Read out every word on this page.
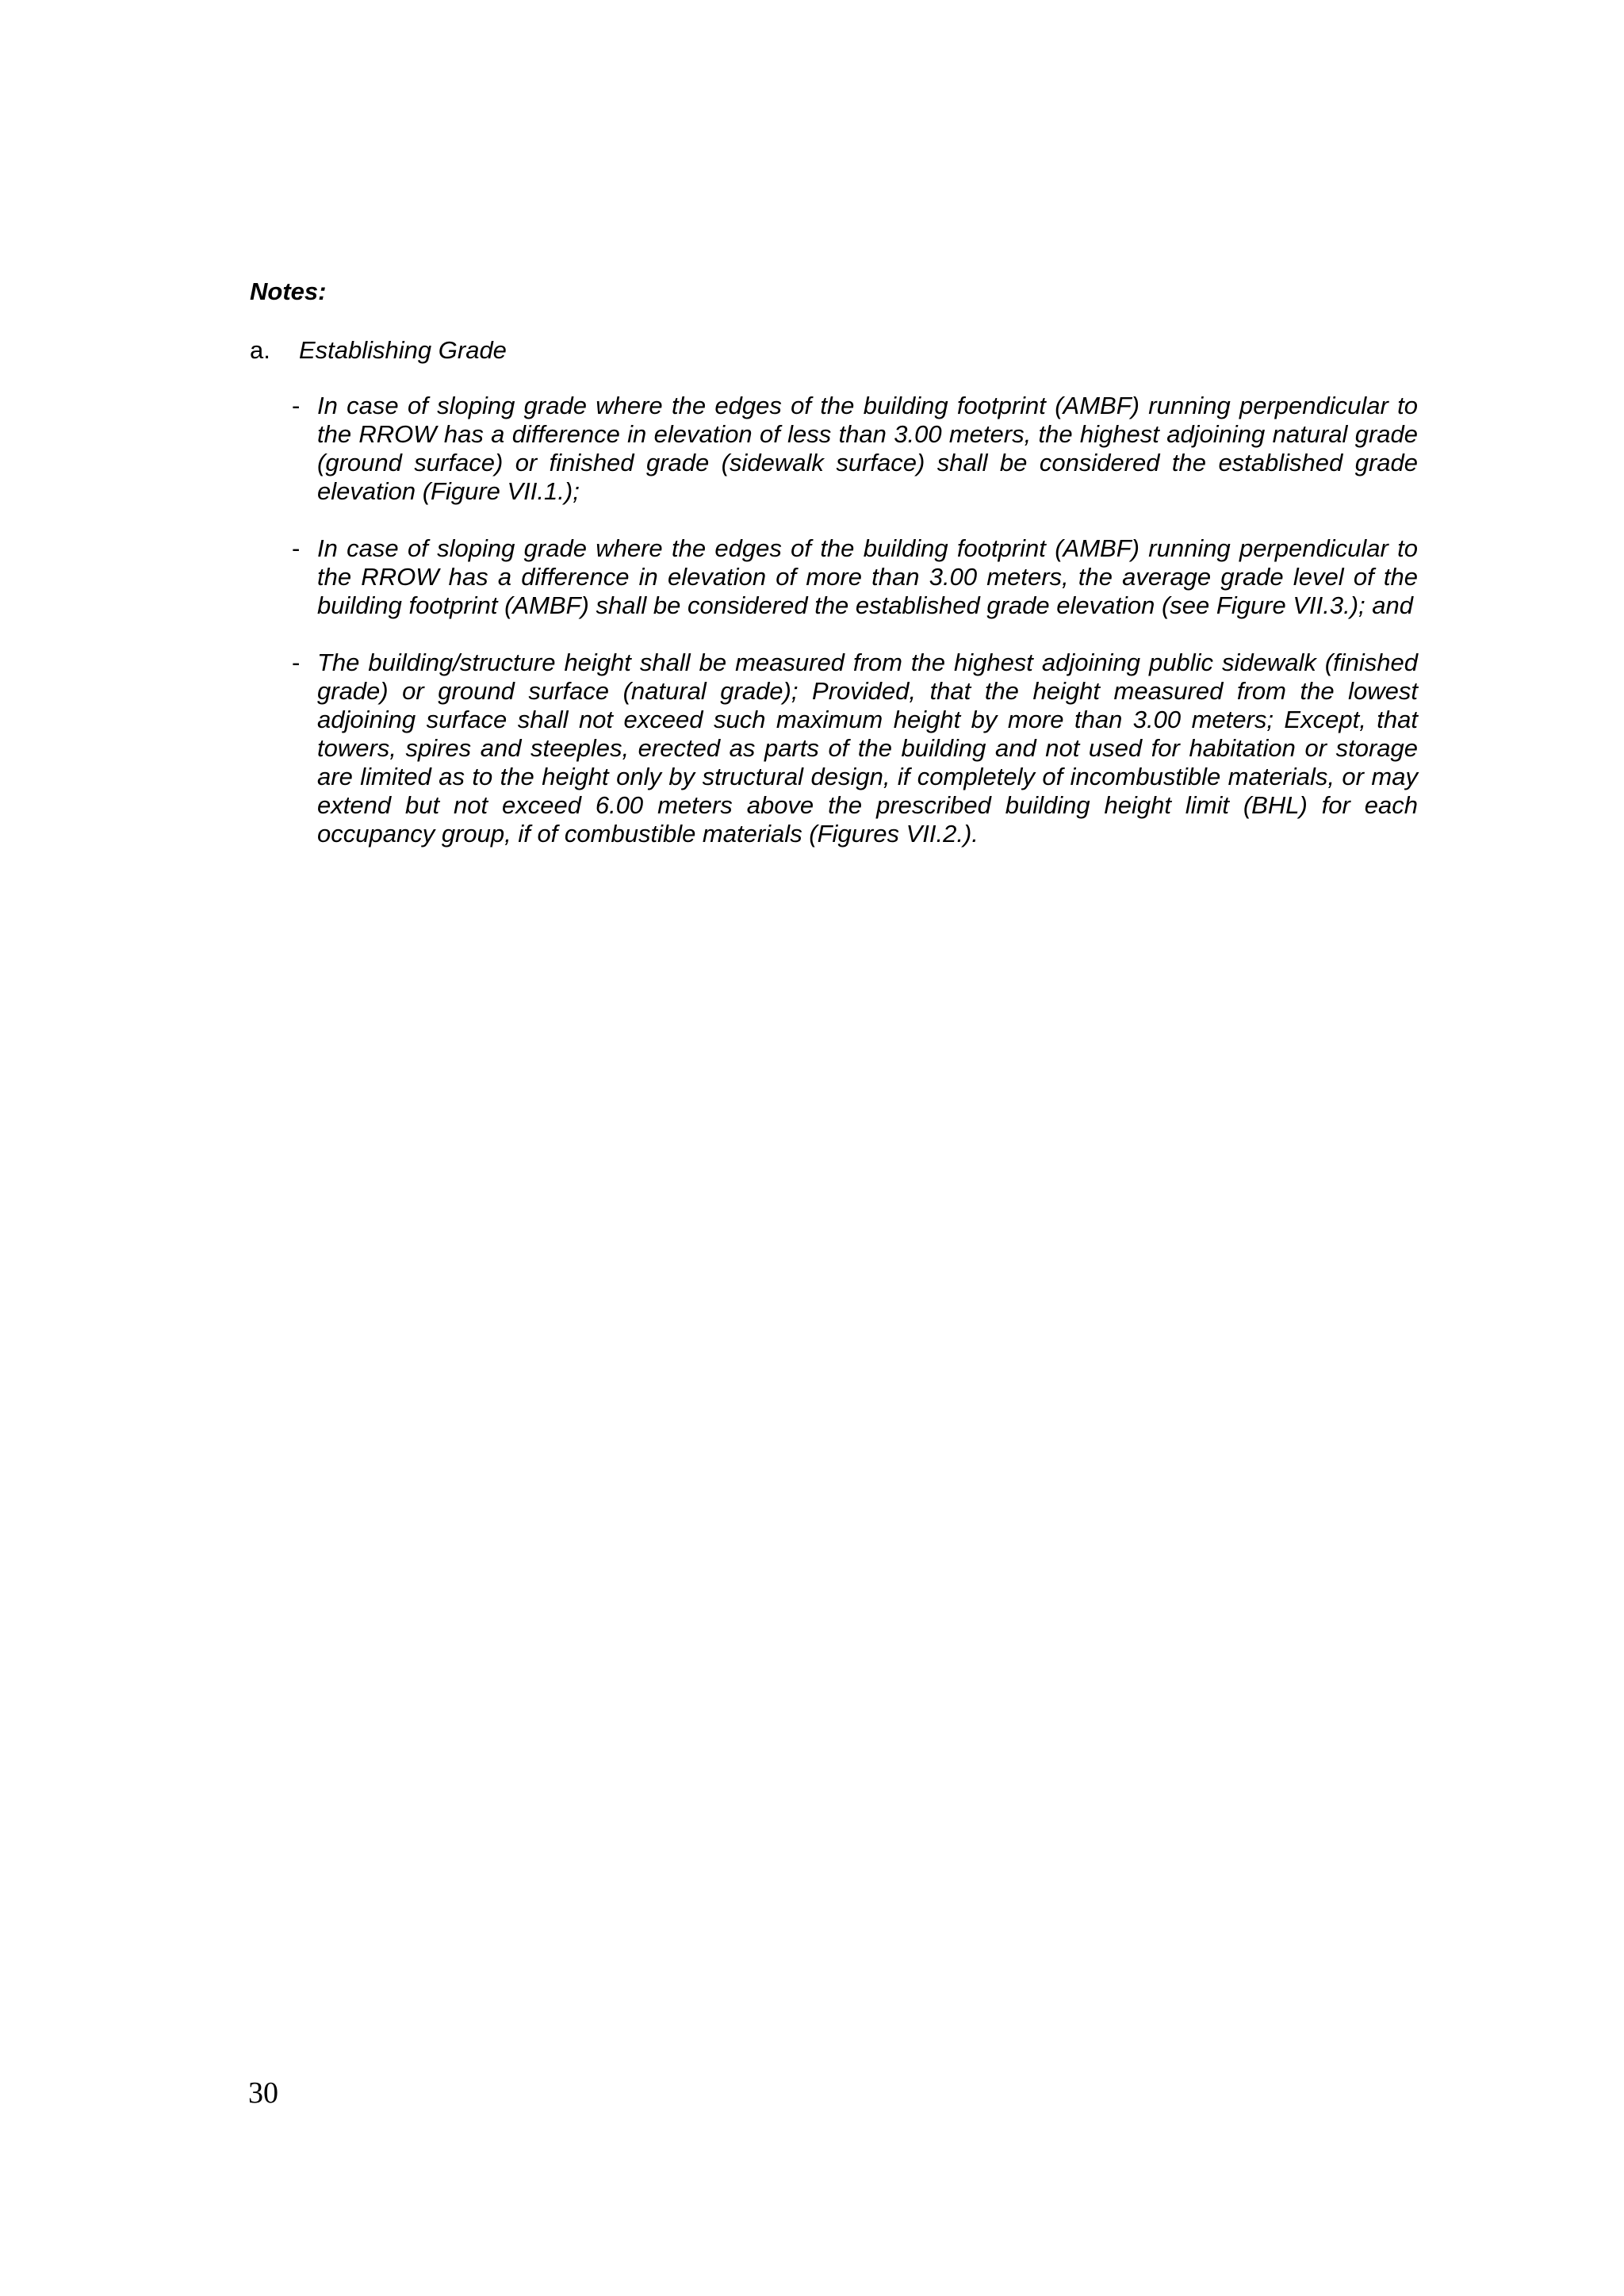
Notes:

a. Establishing Grade

- In case of sloping grade where the edges of the building footprint (AMBF) running perpendicular to the RROW has a difference in elevation of less than 3.00 meters, the highest adjoining natural grade (ground surface) or finished grade (sidewalk surface) shall be considered the established grade elevation (Figure VII.1.);
- In case of sloping grade where the edges of the building footprint (AMBF) running perpendicular to the RROW has a difference in elevation of more than 3.00 meters, the average grade level of the building footprint (AMBF) shall be considered the established grade elevation (see Figure VII.3.); and
- The building/structure height shall be measured from the highest adjoining public sidewalk (finished grade) or ground surface (natural grade); Provided, that the height measured from the lowest adjoining surface shall not exceed such maximum height by more than 3.00 meters; Except, that towers, spires and steeples, erected as parts of the building and not used for habitation or storage are limited as to the height only by structural design, if completely of incombustible materials, or may extend but not exceed 6.00 meters above the prescribed building height limit (BHL) for each occupancy group, if of combustible materials (Figures VII.2.).

30
